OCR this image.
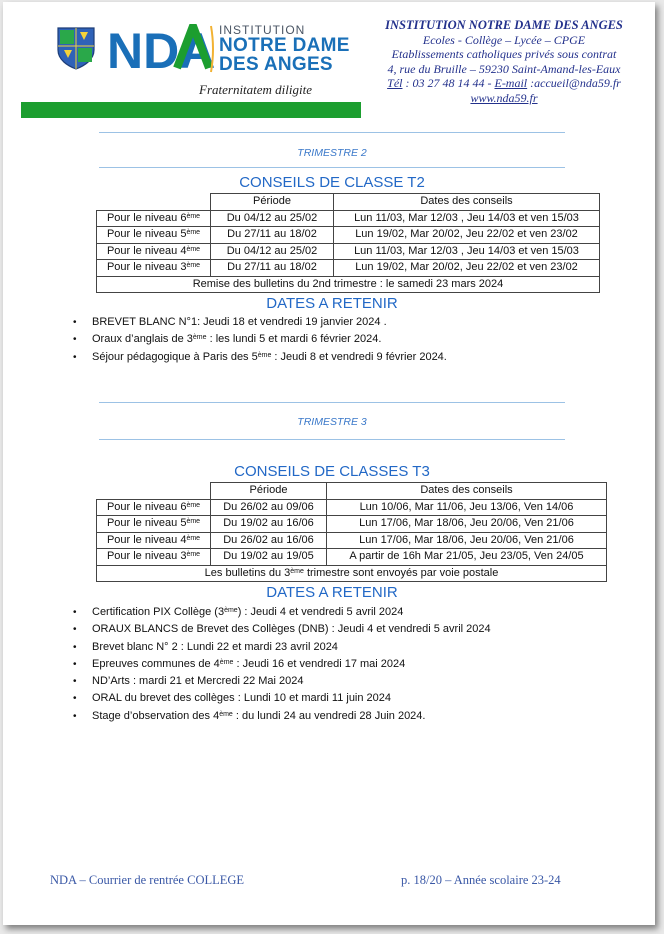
NDA INSTITUTION
NOTRE DAME
DES ANGES
Fraternitatem diligite
INSTITUTION NOTRE DAME DES ANGES
Ecoles - Collège – Lycée – CPGE
Etablissements catholiques privés sous contrat
4, rue du Bruille – 59230 Saint-Amand-les-Eaux
Tél : 03 27 48 14 44 - E-mail :accueil@nda59.fr
www.nda59.fr
TRIMESTRE 2
CONSEILS DE CLASSE T2
	Période	Dates des conseils
Pour le niveau 6ème	Du 04/12 au 25/02	Lun 11/03, Mar 12/03 , Jeu 14/03 et ven 15/03
Pour le niveau 5ème	Du 27/11 au 18/02	Lun 19/02, Mar 20/02, Jeu 22/02 et ven 23/02
Pour le niveau 4ème	Du 04/12 au 25/02	Lun 11/03, Mar 12/03 , Jeu 14/03 et ven 15/03
Pour le niveau 3ème	Du 27/11 au 18/02	Lun 19/02, Mar 20/02, Jeu 22/02 et ven 23/02
Remise des bulletins du 2nd trimestre : le samedi 23 mars 2024		
DATES A RETENIR
• BREVET BLANC N°1: Jeudi 18 et vendredi 19 janvier 2024 .
• Oraux d’anglais de 3ème : les lundi 5 et mardi 6 février 2024.
• Séjour pédagogique à Paris des 5ème : Jeudi 8 et vendredi 9 février 2024.
TRIMESTRE 3
CONSEILS DE CLASSES T3
	Période	Dates des conseils
Pour le niveau 6ème	Du 26/02 au 09/06	Lun 10/06, Mar 11/06, Jeu 13/06, Ven 14/06
Pour le niveau 5ème	Du 19/02 au 16/06	Lun 17/06, Mar 18/06, Jeu 20/06, Ven 21/06
Pour le niveau 4ème	Du 26/02 au 16/06	Lun 17/06, Mar 18/06, Jeu 20/06, Ven 21/06
Pour le niveau 3ème	Du 19/02 au 19/05	A partir de 16h Mar 21/05, Jeu 23/05, Ven 24/05
Les bulletins du 3ème trimestre sont envoyés par voie postale		
DATES A RETENIR
• Certification PIX Collège (3ème) : Jeudi 4 et vendredi 5 avril 2024
• ORAUX BLANCS de Brevet des Collèges (DNB) : Jeudi 4 et vendredi 5 avril 2024
• Brevet blanc N° 2 : Lundi 22 et mardi 23 avril 2024
• Epreuves communes de 4ème : Jeudi 16 et vendredi 17 mai 2024
• ND’Arts : mardi 21 et Mercredi 22 Mai 2024
• ORAL du brevet des collèges : Lundi 10 et mardi 11 juin 2024
• Stage d’observation des 4ème : du lundi 24 au vendredi 28 Juin 2024.
NDA – Courrier de rentrée COLLEGE	p. 18/20 – Année scolaire 23-24
